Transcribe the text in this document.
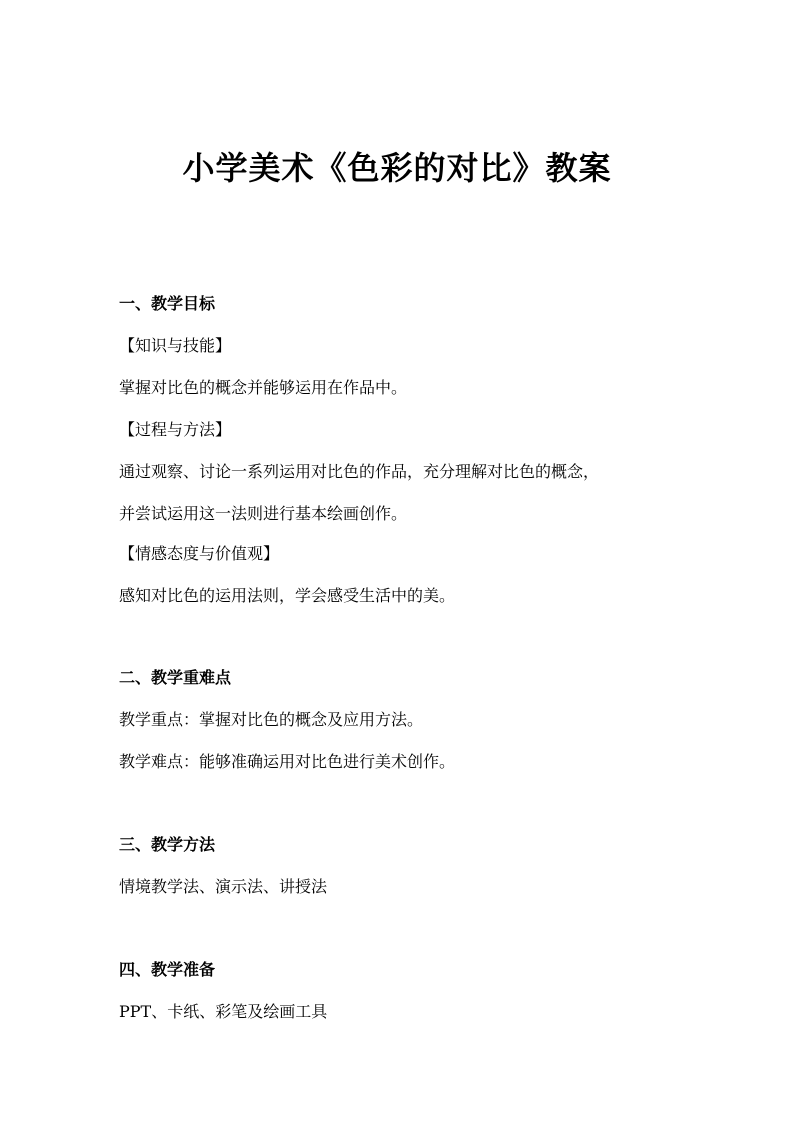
小学美术《色彩的对比》教案
一、教学目标
【知识与技能】
掌握对比色的概念并能够运用在作品中。
【过程与方法】
通过观察、讨论一系列运用对比色的作品，充分理解对比色的概念，
并尝试运用这一法则进行基本绘画创作。
【情感态度与价值观】
感知对比色的运用法则，学会感受生活中的美。
二、教学重难点
教学重点：掌握对比色的概念及应用方法。
教学难点：能够准确运用对比色进行美术创作。
三、教学方法
情境教学法、演示法、讲授法
四、教学准备
PPT、卡纸、彩笔及绘画工具
